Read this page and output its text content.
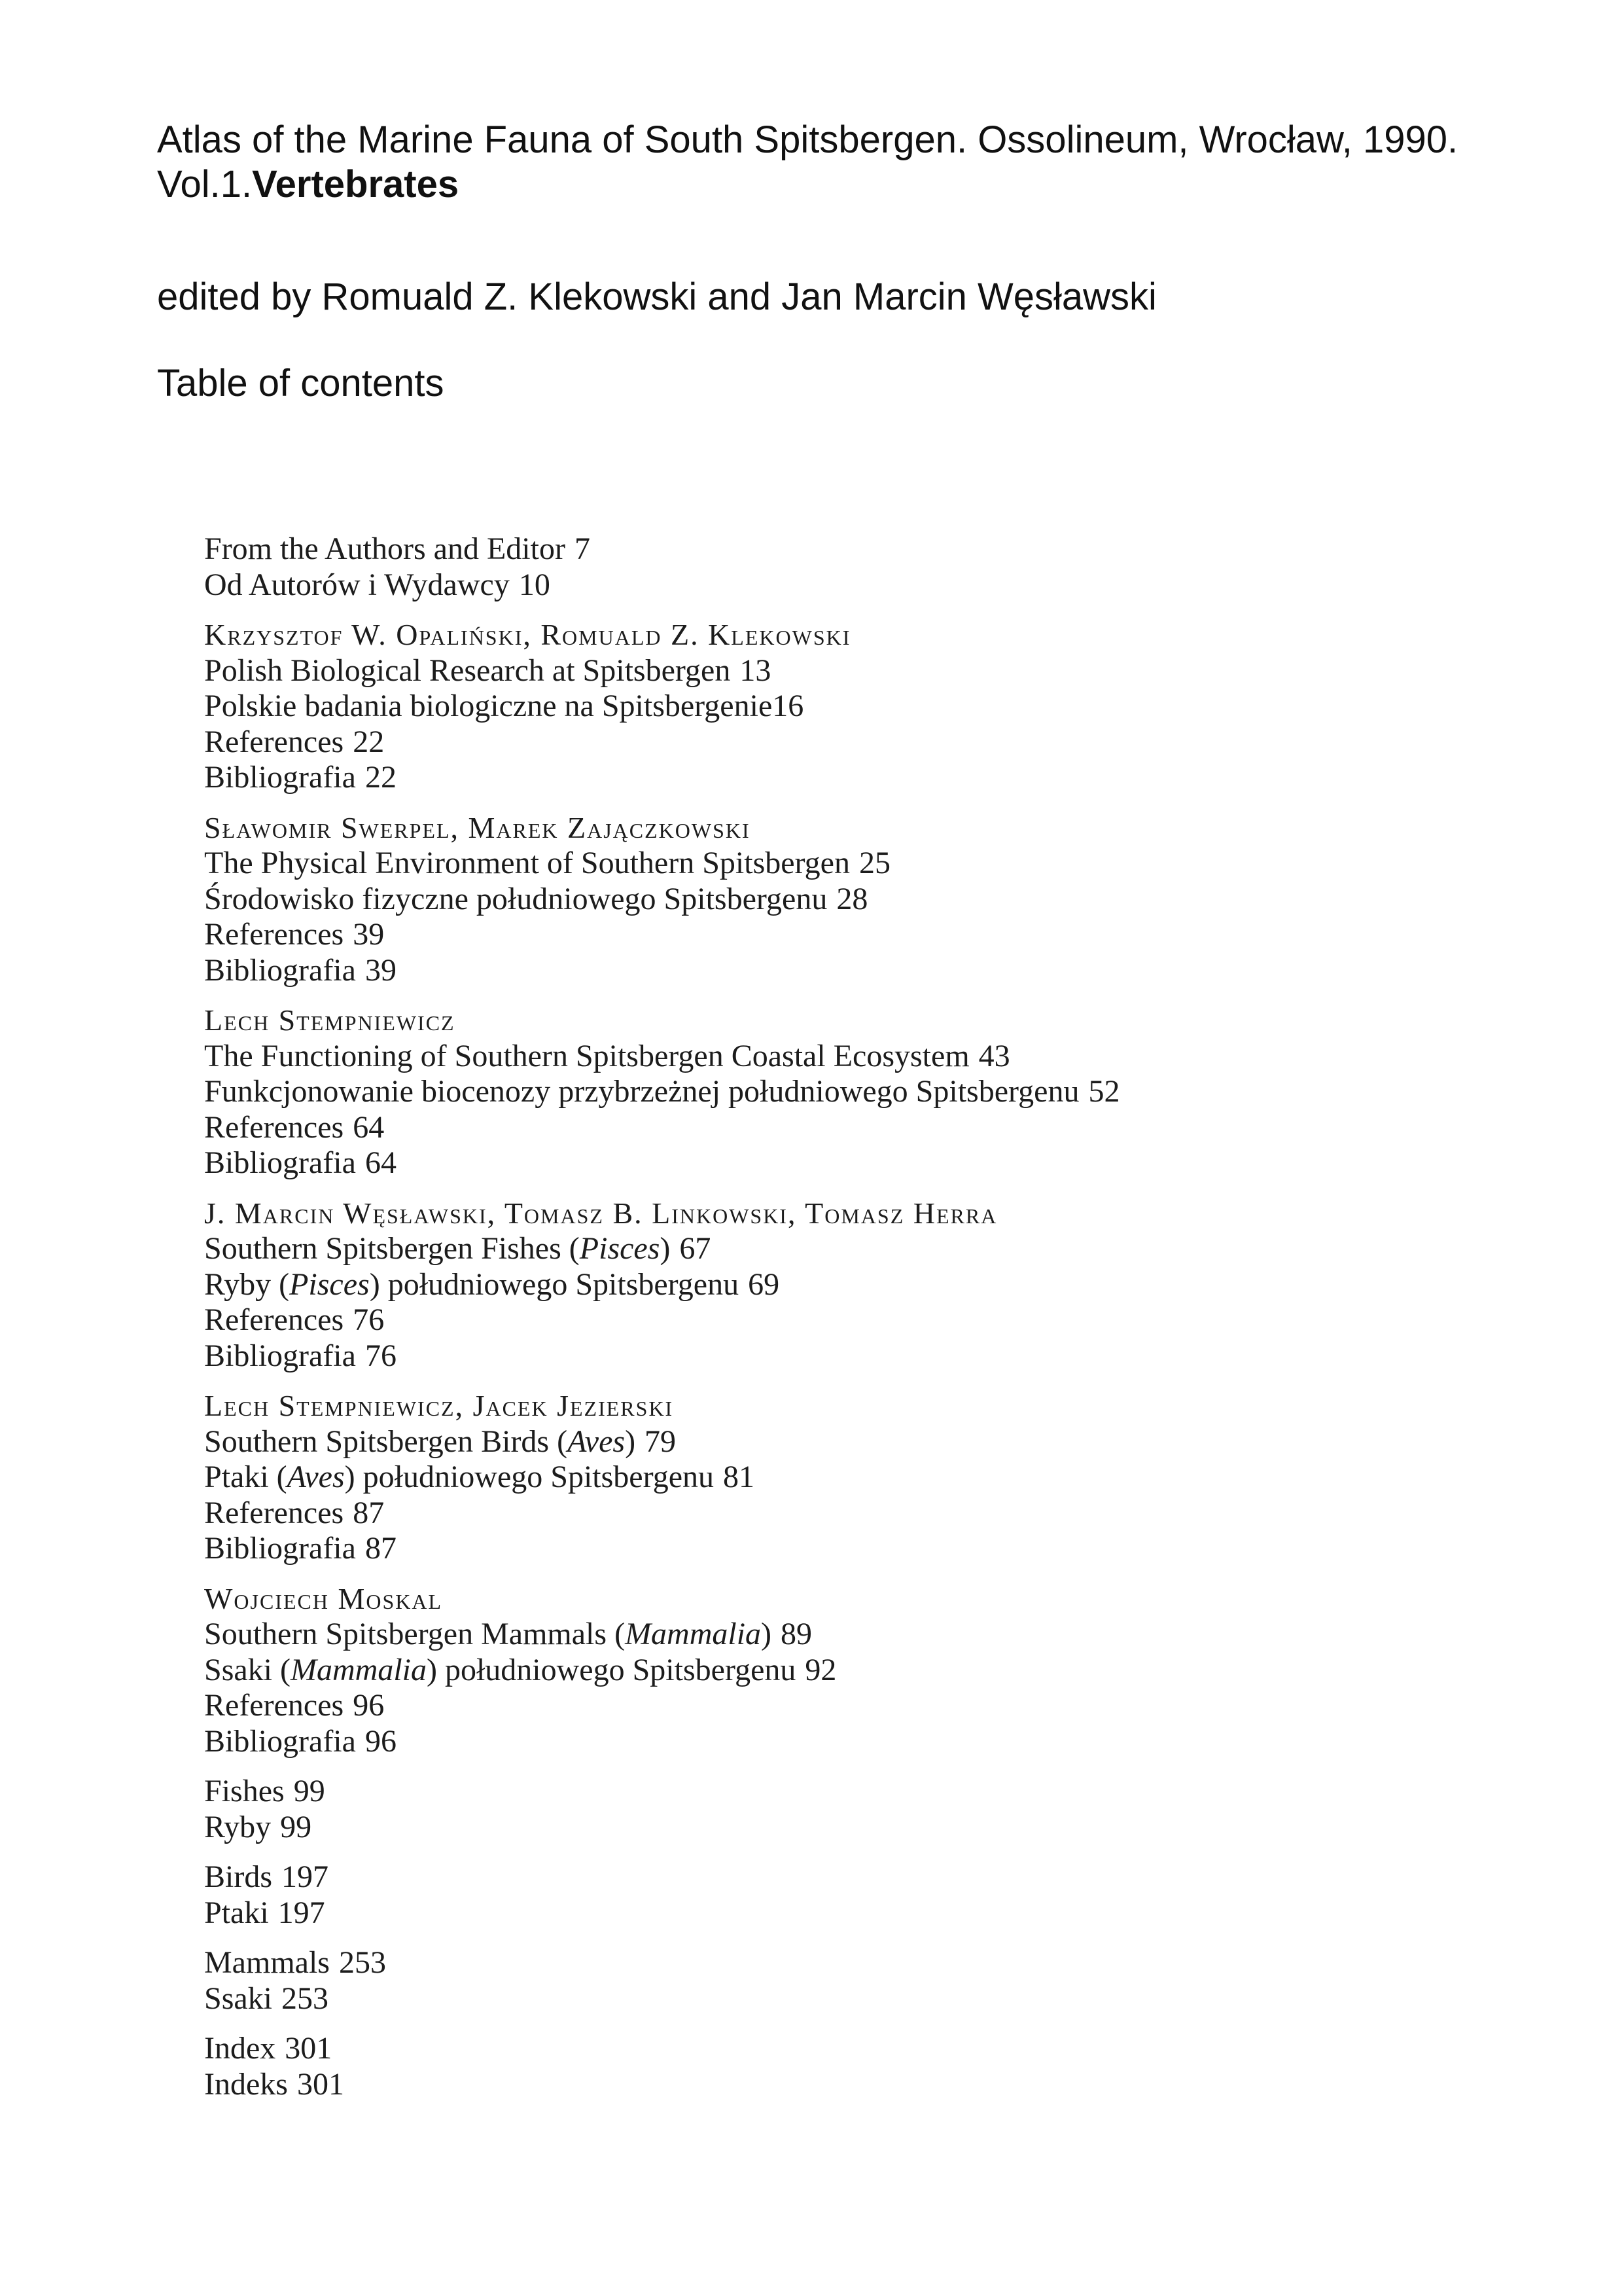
Atlas of the Marine Fauna of South Spitsbergen. Ossolineum, Wrocław, 1990.

Vol.1.Vertebrates

edited by Romuald Z. Klekowski and Jan Marcin Węsławski

Table of contents

From the Authors and Editor 7
Od Autorów i Wydawcy 10
Krzysztof W. Opaliński, Romuald Z. Klekowski
Polish Biological Research at Spitsbergen 13
Polskie badania biologiczne na Spitsbergenie16
References 22
Bibliografia 22
Sławomir Swerpel, Marek Zajączkowski
The Physical Environment of Southern Spitsbergen 25
Środowisko fizyczne południowego Spitsbergenu 28
References 39
Bibliografia 39
Lech Stempniewicz
The Functioning of Southern Spitsbergen Coastal Ecosystem 43
Funkcjonowanie biocenozy przybrzeżnej południowego Spitsbergenu 52
References 64
Bibliografia 64
J. Marcin Węsławski, Tomasz B. Linkowski, Tomasz Herra
Southern Spitsbergen Fishes (Pisces) 67
Ryby (Pisces) południowego Spitsbergenu 69
References 76
Bibliografia 76
Lech Stempniewicz, Jacek Jezierski
Southern Spitsbergen Birds (Aves) 79
Ptaki (Aves) południowego Spitsbergenu 81
References 87
Bibliografia 87
Wojciech Moskal
Southern Spitsbergen Mammals (Mammalia) 89
Ssaki (Mammalia) południowego Spitsbergenu 92
References 96
Bibliografia 96
Fishes 99
Ryby 99
Birds 197
Ptaki 197
Mammals 253
Ssaki 253
Index 301
Indeks 301
